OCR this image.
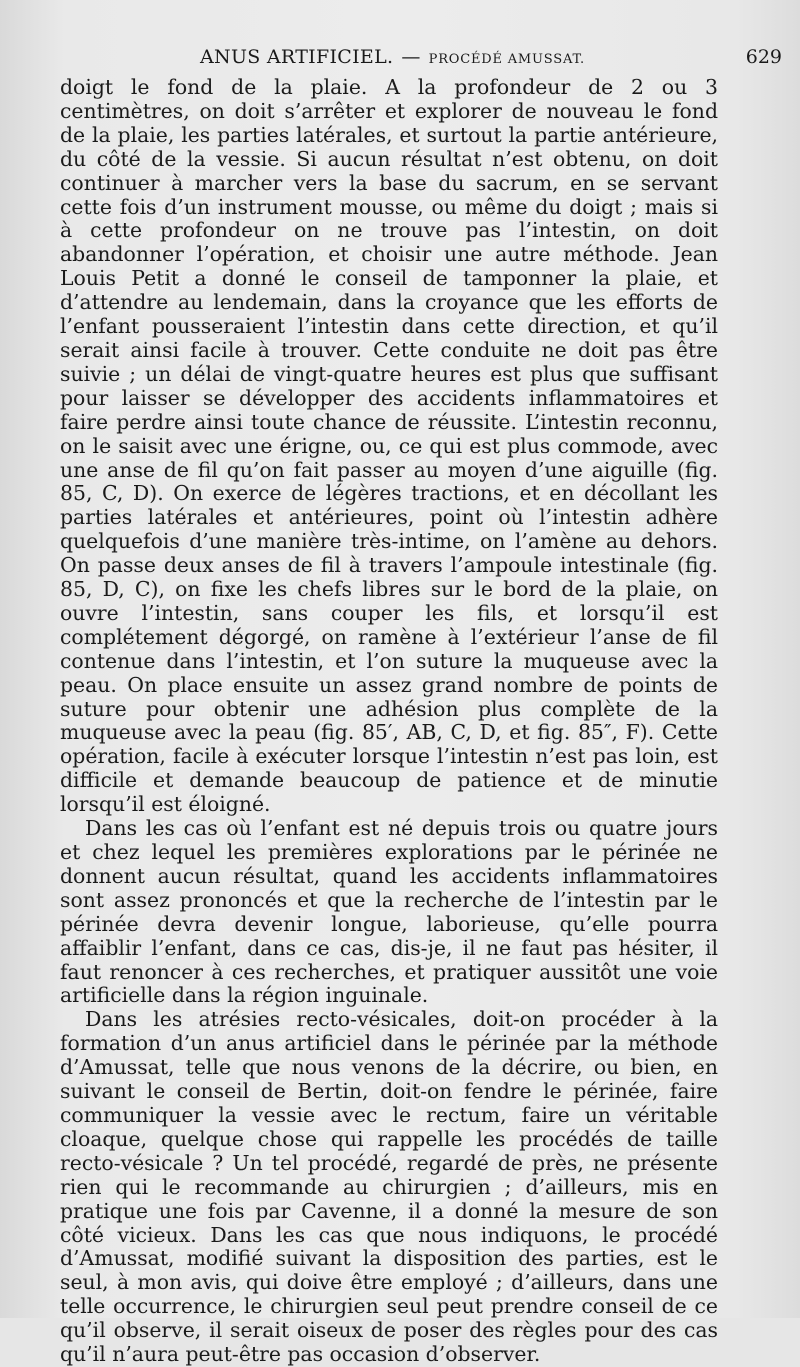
ANUS ARTIFICIEL. — PROCÉDÉ AMUSSAT.	629

doigt le fond de la plaie. A la profondeur de 2 ou 3 centimètres, on doit s’arrêter et explorer de nouveau le fond de la plaie, les parties latérales, et surtout la partie antérieure, du côté de la vessie. Si aucun résultat n’est obtenu, on doit continuer à marcher vers la base du sacrum, en se servant cette fois d’un instrument mousse, ou même du doigt ; mais si à cette profondeur on ne trouve pas l’intestin, on doit abandonner l’opération, et choisir une autre méthode. Jean Louis Petit a donné le conseil de tamponner la plaie, et d’attendre au lendemain, dans la croyance que les efforts de l’enfant pousseraient l’intestin dans cette direction, et qu’il serait ainsi facile à trouver. Cette conduite ne doit pas être suivie ; un délai de vingt-quatre heures est plus que suffisant pour laisser se développer des accidents inflammatoires et faire perdre ainsi toute chance de réussite. L’intestin reconnu, on le saisit avec une érigne, ou, ce qui est plus commode, avec une anse de fil qu’on fait passer au moyen d’une aiguille (fig. 85, C, D). On exerce de légères tractions, et en décollant les parties latérales et antérieures, point où l’intestin adhère quelquefois d’une manière très-intime, on l’amène au dehors. On passe deux anses de fil à travers l’ampoule intestinale (fig. 85, D, C), on fixe les chefs libres sur le bord de la plaie, on ouvre l’intestin, sans couper les fils, et lorsqu’il est complétement dégorgé, on ramène à l’extérieur l’anse de fil contenue dans l’intestin, et l’on suture la muqueuse avec la peau. On place ensuite un assez grand nombre de points de suture pour obtenir une adhésion plus complète de la muqueuse avec la peau (fig. 85′, AB, C, D, et fig. 85″, F). Cette opération, facile à exécuter lorsque l’intestin n’est pas loin, est difficile et demande beaucoup de patience et de minutie lorsqu’il est éloigné.

Dans les cas où l’enfant est né depuis trois ou quatre jours et chez lequel les premières explorations par le périnée ne donnent aucun résultat, quand les accidents inflammatoires sont assez prononcés et que la recherche de l’intestin par le périnée devra devenir longue, laborieuse, qu’elle pourra affaiblir l’enfant, dans ce cas, dis-je, il ne faut pas hésiter, il faut renoncer à ces recherches, et pratiquer aussitôt une voie artificielle dans la région inguinale.

Dans les atrésies recto-vésicales, doit-on procéder à la formation d’un anus artificiel dans le périnée par la méthode d’Amussat, telle que nous venons de la décrire, ou bien, en suivant le conseil de Bertin, doit-on fendre le périnée, faire communiquer la vessie avec le rectum, faire un véritable cloaque, quelque chose qui rappelle les procédés de taille recto-vésicale ? Un tel procédé, regardé de près, ne présente rien qui le recommande au chirurgien ; d’ailleurs, mis en pratique une fois par Cavenne, il a donné la mesure de son côté vicieux. Dans les cas que nous indiquons, le procédé d’Amussat, modifié suivant la disposition des parties, est le seul, à mon avis, qui doive être employé ; d’ailleurs, dans une telle occurrence, le chirurgien seul peut prendre conseil de ce qu’il observe, il serait oiseux de poser des règles pour des cas qu’il n’aura peut-être pas occasion d’observer.
